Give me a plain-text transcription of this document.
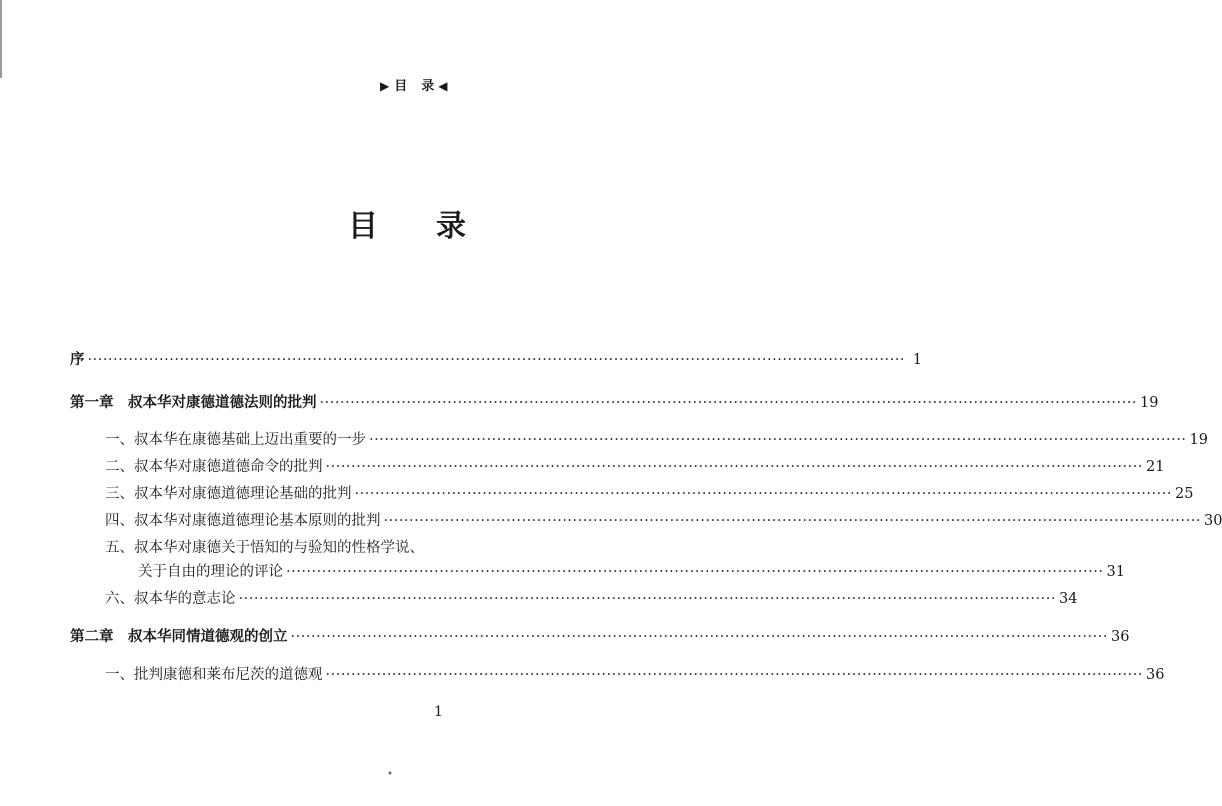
▶ 目 录 ◀
目 录
序 ································································································································································ 1
第一章　叔本华对康德道德法则的批判 ································································································································································ 19
一、叔本华在康德基础上迈出重要的一步 ································································································································································ 19
二、叔本华对康德道德命令的批判 ································································································································································ 21
三、叔本华对康德道德理论基础的批判 ································································································································································ 25
四、叔本华对康德道德理论基本原则的批判 ································································································································································ 30
五、叔本华对康德关于悟知的与验知的性格学说、
关于自由的理论的评论 ································································································································································ 31
六、叔本华的意志论 ································································································································································ 34
第二章　叔本华同情道德观的创立 ································································································································································ 36
一、批判康德和莱布尼茨的道德观 ································································································································································ 36
1
•
